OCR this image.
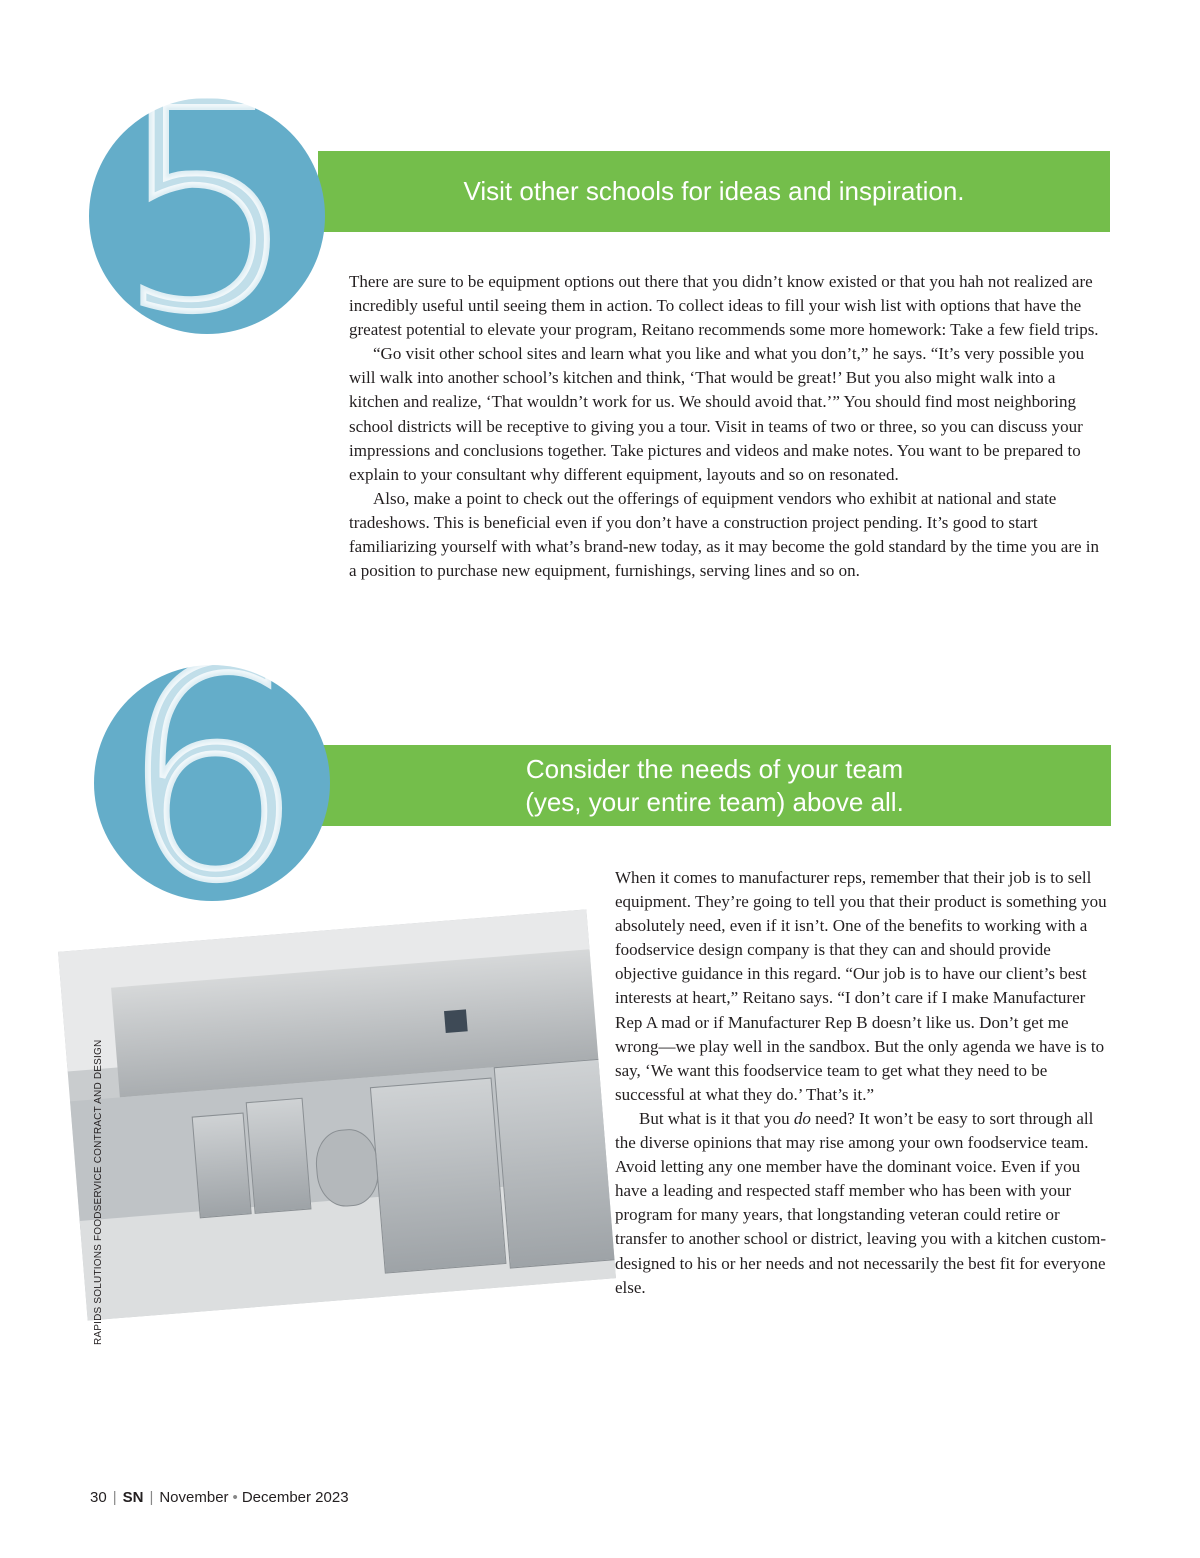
Visit other schools for ideas and inspiration.
5	There are sure to be equipment options out there that you didn’t know existed or that you hah not realized are incredibly useful until seeing them in action. To collect ideas to fill your wish list with options that have the greatest potential to elevate your program, Reitano recommends some more homework: Take a few field trips.

“Go visit other school sites and learn what you like and what you don’t,” he says. “It’s very possible you will walk into another school’s kitchen and think, ‘That would be great!’ But you also might walk into a kitchen and realize, ‘That wouldn’t work for us. We should avoid that.’” You should find most neighboring school districts will be receptive to giving you a tour. Visit in teams of two or three, so you can discuss your impressions and conclusions together. Take pictures and videos and make notes. You want to be prepared to explain to your consultant why different equipment, layouts and so on resonated.

Also, make a point to check out the offerings of equipment vendors who exhibit at national and state tradeshows. This is beneficial even if you don’t have a construction project pending. It’s good to start familiarizing yourself with what’s brand-new today, as it may become the gold standard by the time you are in a position to purchase new equipment, furnishings, serving lines and so on.

Consider the needs of your team
(yes, your entire team) above all.
6	When it comes to manufacturer reps, remember that their job is to sell equipment. They’re going to tell you that their product is something you absolutely need, even if it isn’t. One of the benefits to working with a foodservice design company is that they can and should provide objective guidance in this regard. “Our job is to have our client’s best interests at heart,” Reitano says. “I don’t care if I make Manufacturer Rep A mad or if Manufacturer Rep B doesn’t like us. Don’t get me wrong—we play well in the sandbox. But the only agenda we have is to say, ‘We want this foodservice team to get what they need to be successful at what they do.’ That’s it.”

But what is it that you do need? It won’t be easy to sort through all the diverse opinions that may rise among your own foodservice team. Avoid letting any one member have the dominant voice. Even if you have a leading and respected staff member who has been with your program for many years, that longstanding veteran could retire or transfer to another school or district, leaving you with a kitchen custom-designed to his or her needs and not necessarily the best fit for everyone else.

RAPIDS SOLUTIONS FOODSERVICE CONTRACT AND DESIGN
30 | SN | November • December 2023
